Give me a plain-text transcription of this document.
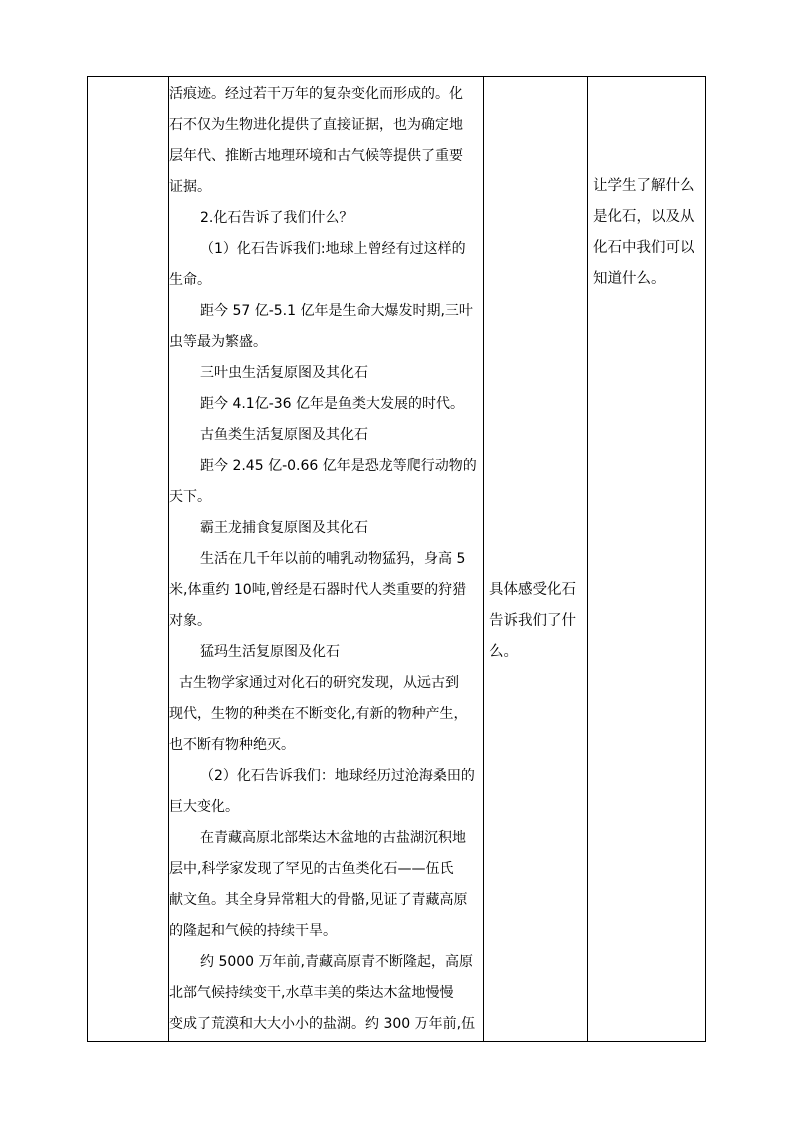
活痕迹。经过若干万年的复杂变化而形成的。化
石不仅为生物进化提供了直接证据，也为确定地
层年代、推断古地理环境和古气候等提供了重要
证据。
2.化石告诉了我们什么？
（1）化石告诉我们:地球上曾经有过这样的
生命。
距今 57 亿-5.1 亿年是生命大爆发时期,三叶
虫等最为繁盛。
三叶虫生活复原图及其化石
距今 4.1亿-36 亿年是鱼类大发展的时代。
古鱼类生活复原图及其化石
距今 2.45 亿-0.66 亿年是恐龙等爬行动物的
天下。
霸王龙捕食复原图及其化石
生活在几千年以前的哺乳动物猛犸，身高 5
米,体重约 10吨,曾经是石器时代人类重要的狩猎
对象。
猛玛生活复原图及化石
古生物学家通过对化石的研究发现，从远古到
现代，生物的种类在不断变化,有新的物种产生，
也不断有物种绝灭。
（2）化石告诉我们：地球经历过沧海桑田的
巨大变化。
在青藏高原北部柴达木盆地的古盐湖沉积地
层中,科学家发现了罕见的古鱼类化石——伍氏
献文鱼。其全身异常粗大的骨骼,见证了青藏高原
的隆起和气候的持续干旱。
约 5000 万年前,青藏高原青不断隆起，高原
北部气候持续变干,水草丰美的柴达木盆地慢慢
变成了荒漠和大大小小的盐湖。约 300 万年前,伍
具体感受化石
告诉我们了什
么。
让学生了解什么
是化石，以及从
化石中我们可以
知道什么。
